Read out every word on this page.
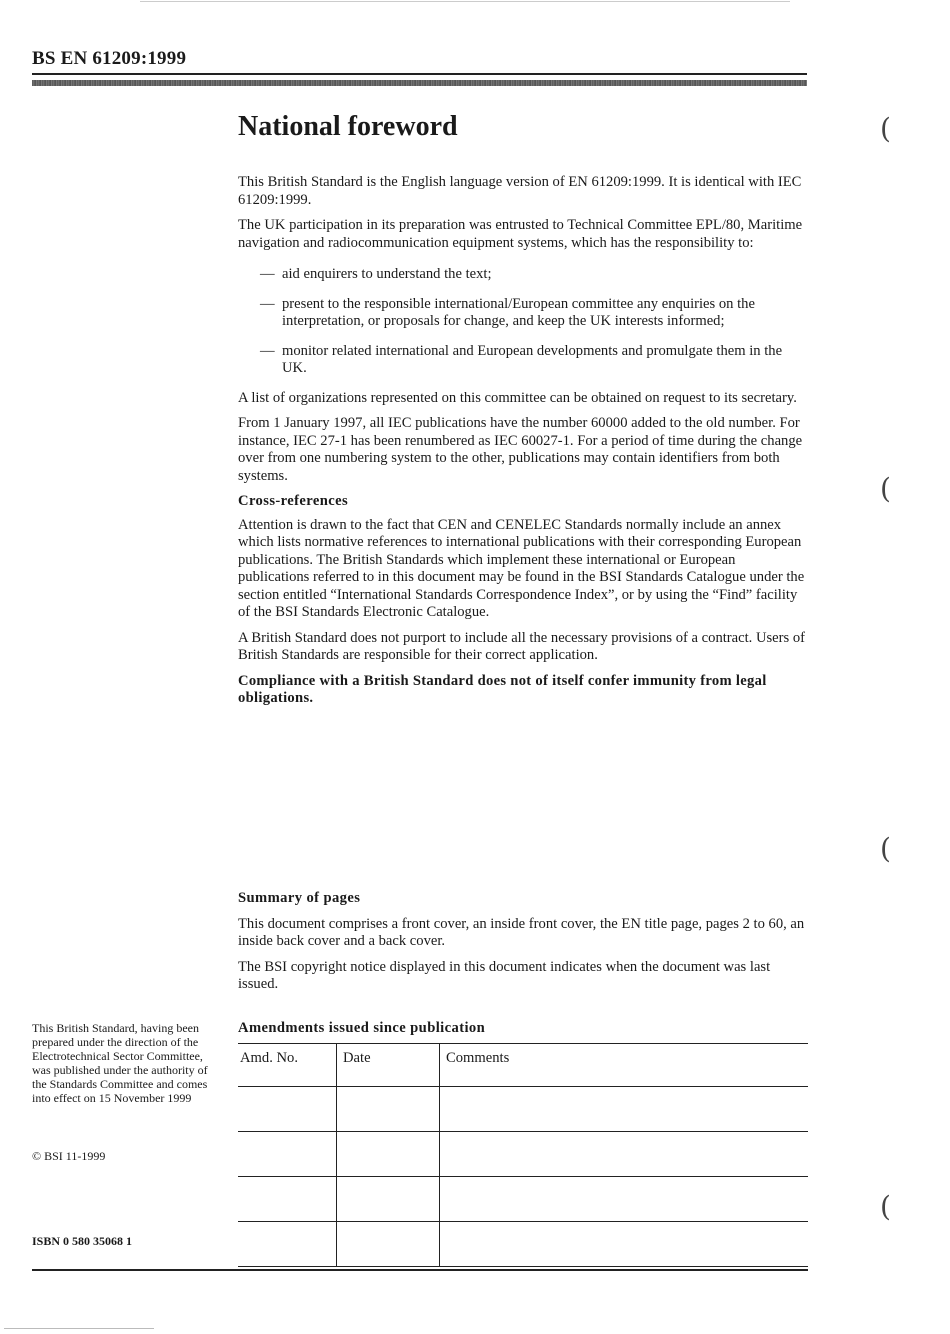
BS EN 61209:1999
National foreword

This British Standard is the English language version of EN 61209:1999. It is identical with IEC 61209:1999.

The UK participation in its preparation was entrusted to Technical Committee EPL/80, Maritime navigation and radiocommunication equipment systems, which has the responsibility to:

— aid enquirers to understand the text;
— present to the responsible international/European committee any enquiries on the interpretation, or proposals for change, and keep the UK interests informed;
— monitor related international and European developments and promulgate them in the UK.

A list of organizations represented on this committee can be obtained on request to its secretary.

From 1 January 1997, all IEC publications have the number 60000 added to the old number. For instance, IEC 27-1 has been renumbered as IEC 60027-1. For a period of time during the change over from one numbering system to the other, publications may contain identifiers from both systems.

Cross-references

Attention is drawn to the fact that CEN and CENELEC Standards normally include an annex which lists normative references to international publications with their corresponding European publications. The British Standards which implement these international or European publications referred to in this document may be found in the BSI Standards Catalogue under the section entitled “International Standards Correspondence Index”, or by using the “Find” facility of the BSI Standards Electronic Catalogue.

A British Standard does not purport to include all the necessary provisions of a contract. Users of British Standards are responsible for their correct application.

Compliance with a British Standard does not of itself confer immunity from legal obligations.

Summary of pages

This document comprises a front cover, an inside front cover, the EN title page, pages 2 to 60, an inside back cover and a back cover.

The BSI copyright notice displayed in this document indicates when the document was last issued.

Amendments issued since publication
Amd. No.	Date	Comments

This British Standard, having been prepared under the direction of the Electrotechnical Sector Committee, was published under the authority of the Standards Committee and comes into effect on 15 November 1999
© BSI 11-1999
ISBN 0 580 35068 1
(
(
(
(
